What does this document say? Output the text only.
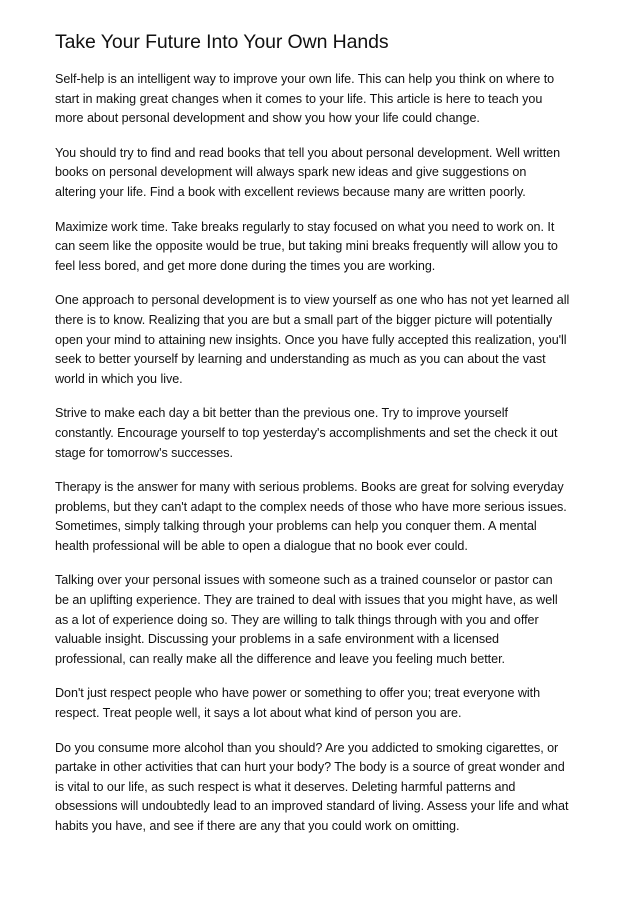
Take Your Future Into Your Own Hands

Self-help is an intelligent way to improve your own life. This can help you think on where to
start in making great changes when it comes to your life. This article is here to teach you
more about personal development and show you how your life could change.

You should try to find and read books that tell you about personal development. Well written
books on personal development will always spark new ideas and give suggestions on
altering your life. Find a book with excellent reviews because many are written poorly.

Maximize work time. Take breaks regularly to stay focused on what you need to work on. It
can seem like the opposite would be true, but taking mini breaks frequently will allow you to
feel less bored, and get more done during the times you are working.

One approach to personal development is to view yourself as one who has not yet learned all
there is to know. Realizing that you are but a small part of the bigger picture will potentially
open your mind to attaining new insights. Once you have fully accepted this realization, you'll
seek to better yourself by learning and understanding as much as you can about the vast
world in which you live.

Strive to make each day a bit better than the previous one. Try to improve yourself
constantly. Encourage yourself to top yesterday's accomplishments and set the check it out
stage for tomorrow's successes.

Therapy is the answer for many with serious problems. Books are great for solving everyday
problems, but they can't adapt to the complex needs of those who have more serious issues.
Sometimes, simply talking through your problems can help you conquer them. A mental
health professional will be able to open a dialogue that no book ever could.

Talking over your personal issues with someone such as a trained counselor or pastor can
be an uplifting experience. They are trained to deal with issues that you might have, as well
as a lot of experience doing so. They are willing to talk things through with you and offer
valuable insight. Discussing your problems in a safe environment with a licensed
professional, can really make all the difference and leave you feeling much better.

Don't just respect people who have power or something to offer you; treat everyone with
respect. Treat people well, it says a lot about what kind of person you are.

Do you consume more alcohol than you should? Are you addicted to smoking cigarettes, or
partake in other activities that can hurt your body? The body is a source of great wonder and
is vital to our life, as such respect is what it deserves. Deleting harmful patterns and
obsessions will undoubtedly lead to an improved standard of living. Assess your life and what
habits you have, and see if there are any that you could work on omitting.
